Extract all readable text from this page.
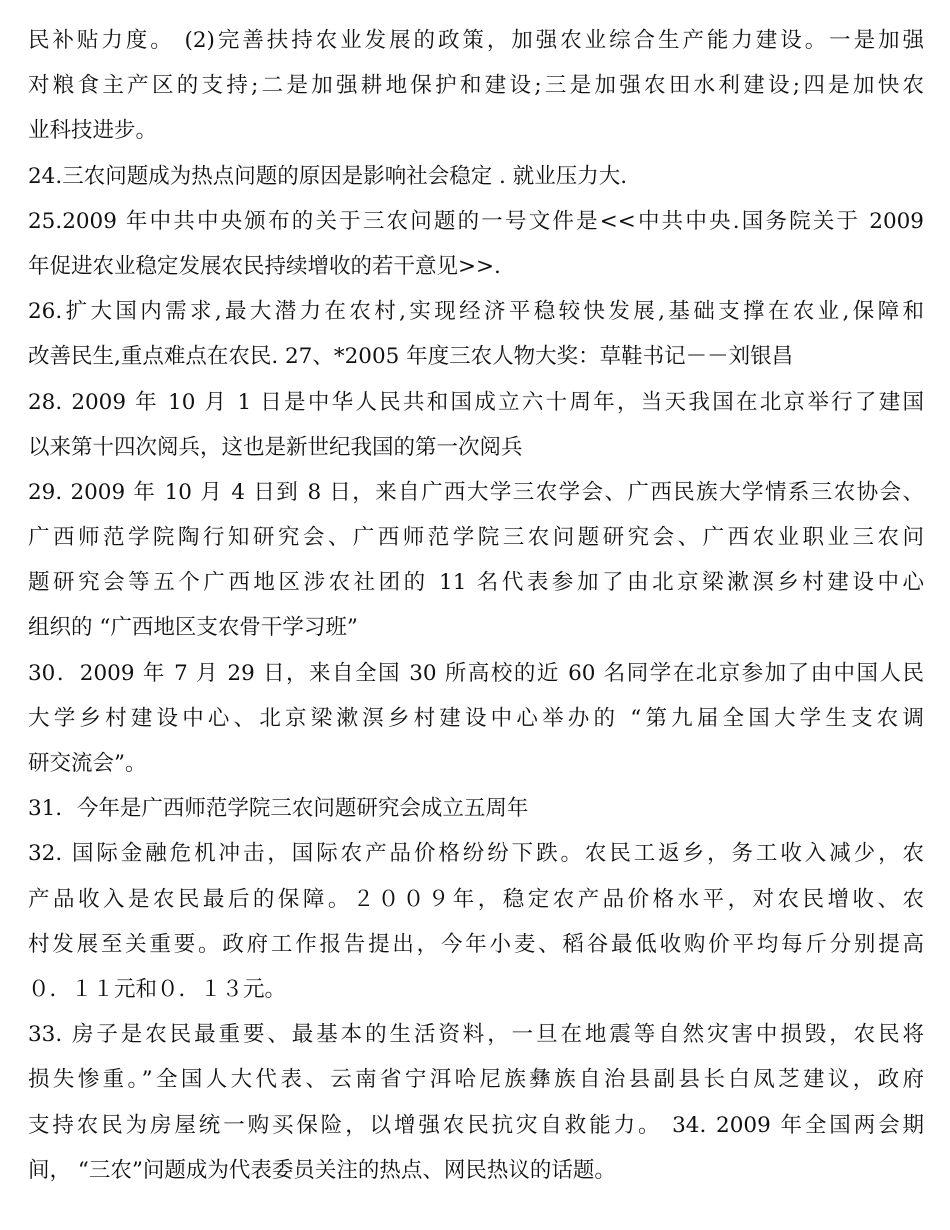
民补贴力度。 (2)完善扶持农业发展的政策，加强农业综合生产能力建设。一是加强
对粮食主产区的支持;二是加强耕地保护和建设;三是加强农田水利建设;四是加快农
业科技进步。
24.三农问题成为热点问题的原因是影响社会稳定 . 就业压力大.
25.2009 年中共中央颁布的关于三农问题的一号文件是<<中共中央.国务院关于 2009
年促进农业稳定发展农民持续增收的若干意见>>.
26.扩大国内需求,最大潜力在农村,实现经济平稳较快发展,基础支撑在农业,保障和
改善民生,重点难点在农民. 27、*2005 年度三农人物大奖：草鞋书记－－刘银昌
28. 2009 年 10 月 1 日是中华人民共和国成立六十周年，当天我国在北京举行了建国
以来第十四次阅兵，这也是新世纪我国的第一次阅兵
29. 2009 年 10 月 4 日到 8 日，来自广西大学三农学会、广西民族大学情系三农协会、
广西师范学院陶行知研究会、广西师范学院三农问题研究会、广西农业职业三农问
题研究会等五个广西地区涉农社团的 11 名代表参加了由北京梁漱溟乡村建设中心
组织的 “广西地区支农骨干学习班”
30．2009 年 7 月 29 日，来自全国 30 所高校的近 60 名同学在北京参加了由中国人民
大学乡村建设中心、北京梁漱溟乡村建设中心举办的 “第九届全国大学生支农调
研交流会”。
31．今年是广西师范学院三农问题研究会成立五周年
32. 国际金融危机冲击，国际农产品价格纷纷下跌。农民工返乡，务工收入减少，农
产品收入是农民最后的保障。２００９年，稳定农产品价格水平，对农民增收、农
村发展至关重要。政府工作报告提出，今年小麦、稻谷最低收购价平均每斤分别提高
０．１１元和０．１３元。
33. 房子是农民最重要、最基本的生活资料，一旦在地震等自然灾害中损毁，农民将
损失惨重。”全国人大代表、云南省宁洱哈尼族彝族自治县副县长白凤芝建议，政府
支持农民为房屋统一购买保险，以增强农民抗灾自救能力。 34. 2009 年全国两会期
间， “三农”问题成为代表委员关注的热点、网民热议的话题。
